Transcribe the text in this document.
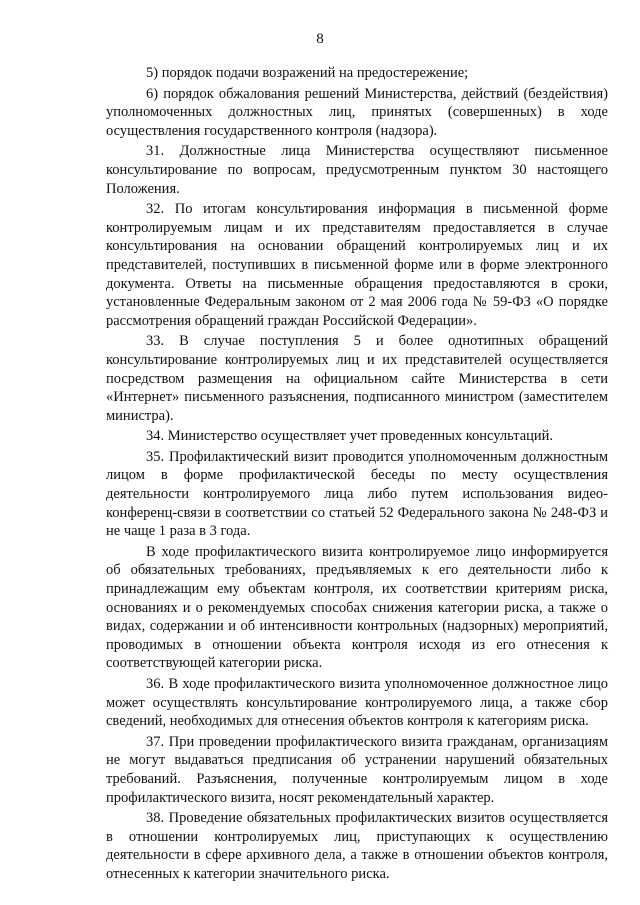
8

5) порядок подачи возражений на предостережение;

6) порядок обжалования решений Министерства, действий (бездействия) уполномоченных должностных лиц, принятых (совершенных) в ходе осуществления государственного контроля (надзора).

31. Должностные лица Министерства осуществляют письменное консультирование по вопросам, предусмотренным пунктом 30 настоящего Положения.

32. По итогам консультирования информация в письменной форме контролируемым лицам и их представителям предоставляется в случае консультирования на основании обращений контролируемых лиц и их представителей, поступивших в письменной форме или в форме электронного документа. Ответы на письменные обращения предоставляются в сроки, установленные Федеральным законом от 2 мая 2006 года № 59-ФЗ «О порядке рассмотрения обращений граждан Российской Федерации».

33. В случае поступления 5 и более однотипных обращений консультирование контролируемых лиц и их представителей осуществляется посредством размещения на официальном сайте Министерства в сети «Интернет» письменного разъяснения, подписанного министром (заместителем министра).

34. Министерство осуществляет учет проведенных консультаций.

35. Профилактический визит проводится уполномоченным должностным лицом в форме профилактической беседы по месту осуществления деятельности контролируемого лица либо путем использования видео-конференц-связи в соответствии со статьей 52 Федерального закона № 248-ФЗ и не чаще 1 раза в 3 года.

В ходе профилактического визита контролируемое лицо информируется об обязательных требованиях, предъявляемых к его деятельности либо к принадлежащим ему объектам контроля, их соответствии критериям риска, основаниях и о рекомендуемых способах снижения категории риска, а также о видах, содержании и об интенсивности контрольных (надзорных) мероприятий, проводимых в отношении объекта контроля исходя из его отнесения к соответствующей категории риска.

36. В ходе профилактического визита уполномоченное должностное лицо может осуществлять консультирование контролируемого лица, а также сбор сведений, необходимых для отнесения объектов контроля к категориям риска.

37. При проведении профилактического визита гражданам, организациям не могут выдаваться предписания об устранении нарушений обязательных требований. Разъяснения, полученные контролируемым лицом в ходе профилактического визита, носят рекомендательный характер.

38. Проведение обязательных профилактических визитов осуществляется в отношении контролируемых лиц, приступающих к осуществлению деятельности в сфере архивного дела, а также в отношении объектов контроля, отнесенных к категории значительного риска.
